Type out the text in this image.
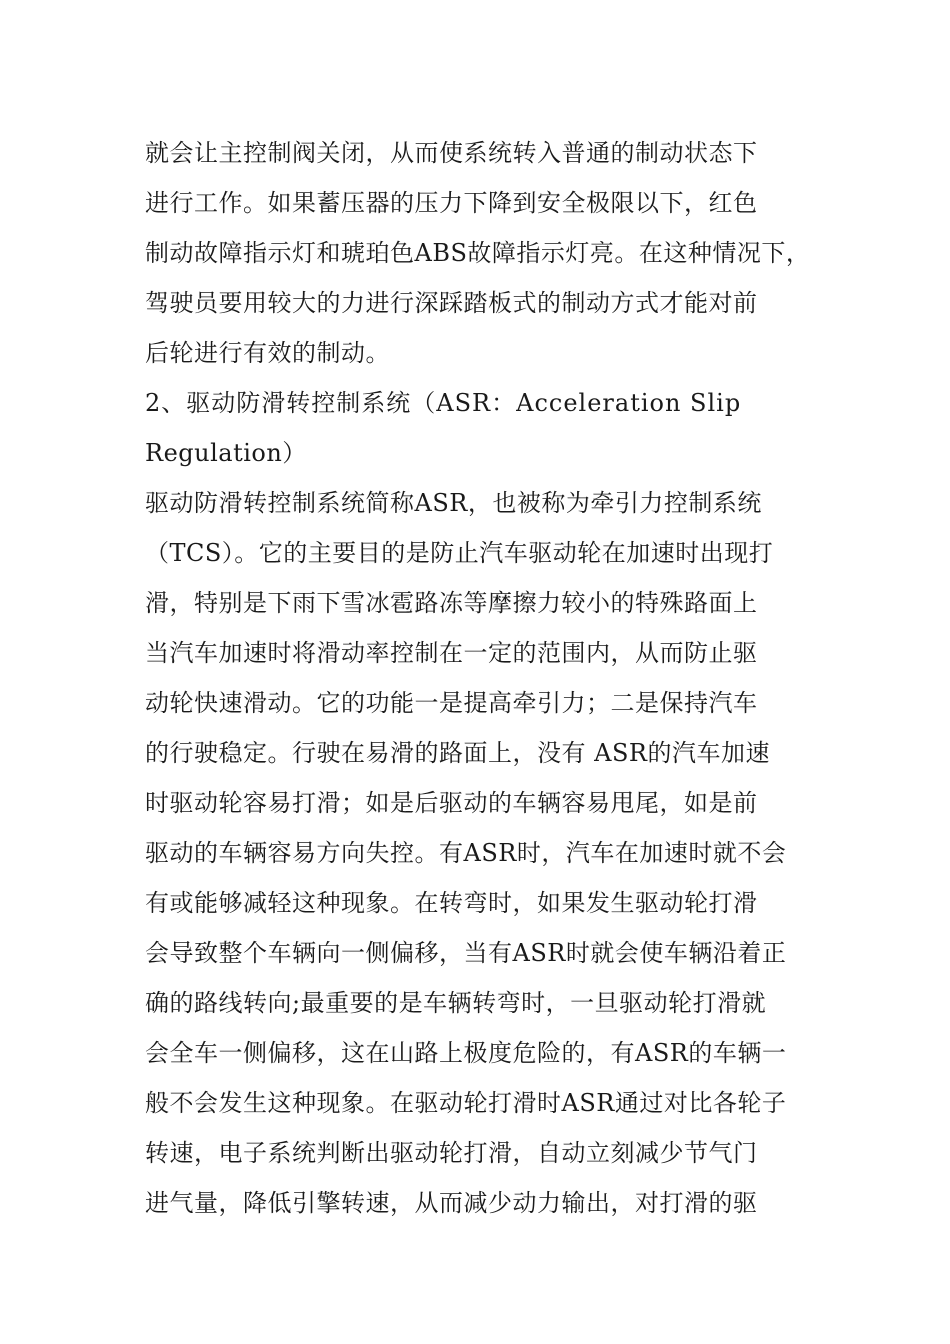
就会让主控制阀关闭，从而使系统转入普通的制动状态下
进行工作。如果蓄压器的压力下降到安全极限以下，红色
制动故障指示灯和琥珀色ABS故障指示灯亮。在这种情况下，
驾驶员要用较大的力进行深踩踏板式的制动方式才能对前
后轮进行有效的制动。
2、驱动防滑转控制系统（ASR：Acceleration Slip
Regulation）
驱动防滑转控制系统简称ASR，也被称为牵引力控制系统
（TCS）。它的主要目的是防止汽车驱动轮在加速时出现打
滑，特别是下雨下雪冰雹路冻等摩擦力较小的特殊路面上
当汽车加速时将滑动率控制在一定的范围内，从而防止驱
动轮快速滑动。它的功能一是提高牵引力；二是保持汽车
的行驶稳定。行驶在易滑的路面上，没有 ASR的汽车加速
时驱动轮容易打滑；如是后驱动的车辆容易甩尾，如是前
驱动的车辆容易方向失控。有ASR时，汽车在加速时就不会
有或能够减轻这种现象。在转弯时，如果发生驱动轮打滑
会导致整个车辆向一侧偏移，当有ASR时就会使车辆沿着正
确的路线转向;最重要的是车辆转弯时，一旦驱动轮打滑就
会全车一侧偏移，这在山路上极度危险的，有ASR的车辆一
般不会发生这种现象。在驱动轮打滑时ASR通过对比各轮子
转速，电子系统判断出驱动轮打滑，自动立刻减少节气门
进气量，降低引擎转速，从而减少动力输出，对打滑的驱
